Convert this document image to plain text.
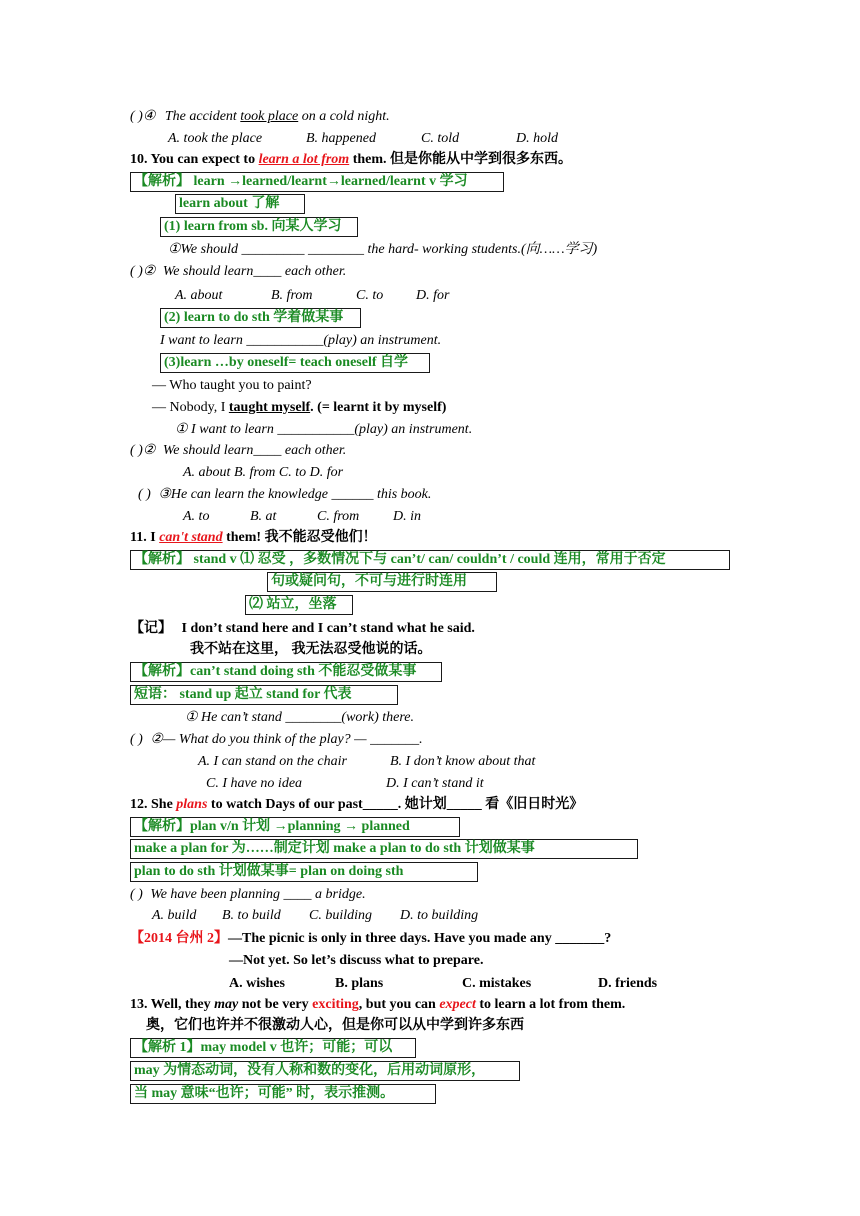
( )④ The accident took place on a cold night.
A. took the place	B. happened	C. told	D. hold
10. You can expect to learn a lot from them. 但是你能从中学到很多东西。
【解析】 learn →learned/learnt→learned/learnt v 学习
learn about 了解
(1) learn from sb. 向某人学习
①We should _________ ________ the hard- working students.(向……学习)
( )② We should learn____ each other.
A. about	B. from	C. to D. for
(2) learn to do sth 学着做某事
I want to learn ___________(play) an instrument.
(3)learn …by oneself= teach oneself 自学
— Who taught you to paint?
— Nobody, I taught myself. (= learnt it by myself)
① I want to learn ___________(play) an instrument.
( )② We should learn____ each other.
A. about B. from C. to D. for
( ) ③He can learn the knowledge ______ this book.
A. to	B. at	C. from D. in
11. I can't stand them! 我不能忍受他们！
【解析】 stand v ⑴ 忍受 ，多数情况下与 can’t/ can/ couldn’t / could 连用，常用于否定
句或疑问句，不可与进行时连用
⑵ 站立，坐落
【记】 I don’t stand here and I can’t stand what he said.
我不站在这里， 我无法忍受他说的话。
【解析】can’t stand doing sth 不能忍受做某事
短语： stand up 起立 stand for 代表
① He can’t stand ________(work) there.
( ) ②— What do you think of the play? — _______.
A. I can stand on the chair	B. I don’t know about that
C. I have no idea	D. I can’t stand it
12. She plans to watch Days of our past_____. 她计划_____ 看《旧日时光》
【解析】plan v/n 计划 →planning → planned
make a plan for 为……制定计划 make a plan to do sth 计划做某事
plan to do sth 计划做某事= plan on doing sth
( ) We have been planning ____ a bridge.
A. build B. to build C. building D. to building
【2014 台州 2】—The picnic is only in three days. Have you made any _______?
—Not yet. So let’s discuss what to prepare.
A. wishes	B. plans	C. mistakes	D. friends
13. Well, they may not be very exciting, but you can expect to learn a lot from them.
奥，它们也许并不很激动人心，但是你可以从中学到许多东西
【解析 1】may model v 也许；可能；可以
may 为情态动词，没有人称和数的变化，后用动词原形，
当 may 意味“也许；可能” 时，表示推测。
